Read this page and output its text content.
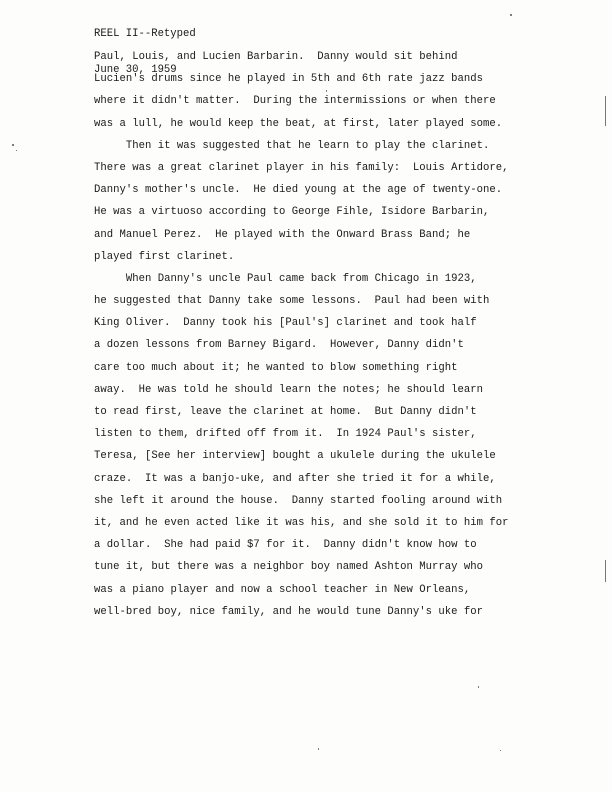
REEL II--Retyped

June 30, 1959

Paul, Louis, and Lucien Barbarin.  Danny would sit behind
Lucien's drums since he played in 5th and 6th rate jazz bands
where it didn't matter.  During the intermissions or when there
was a lull, he would keep the beat, at first, later played some.
Then it was suggested that he learn to play the clarinet.
There was a great clarinet player in his family:  Louis Artidore,
Danny's mother's uncle.  He died young at the age of twenty-one.
He was a virtuoso according to George Fihle, Isidore Barbarin,
and Manuel Perez.  He played with the Onward Brass Band; he
played first clarinet.
When Danny's uncle Paul came back from Chicago in 1923,
he suggested that Danny take some lessons.  Paul had been with
King Oliver.  Danny took his [Paul's] clarinet and took half
a dozen lessons from Barney Bigard.  However, Danny didn't
care too much about it; he wanted to blow something right
away.  He was told he should learn the notes; he should learn
to read first, leave the clarinet at home.  But Danny didn't
listen to them, drifted off from it.  In 1924 Paul's sister,
Teresa, [See her interview] bought a ukulele during the ukulele
craze.  It was a banjo-uke, and after she tried it for a while,
she left it around the house.  Danny started fooling around with
it, and he even acted like it was his, and she sold it to him for
a dollar.  She had paid $7 for it.  Danny didn't know how to
tune it, but there was a neighbor boy named Ashton Murray who
was a piano player and now a school teacher in New Orleans,
well-bred boy, nice family, and he would tune Danny's uke for
